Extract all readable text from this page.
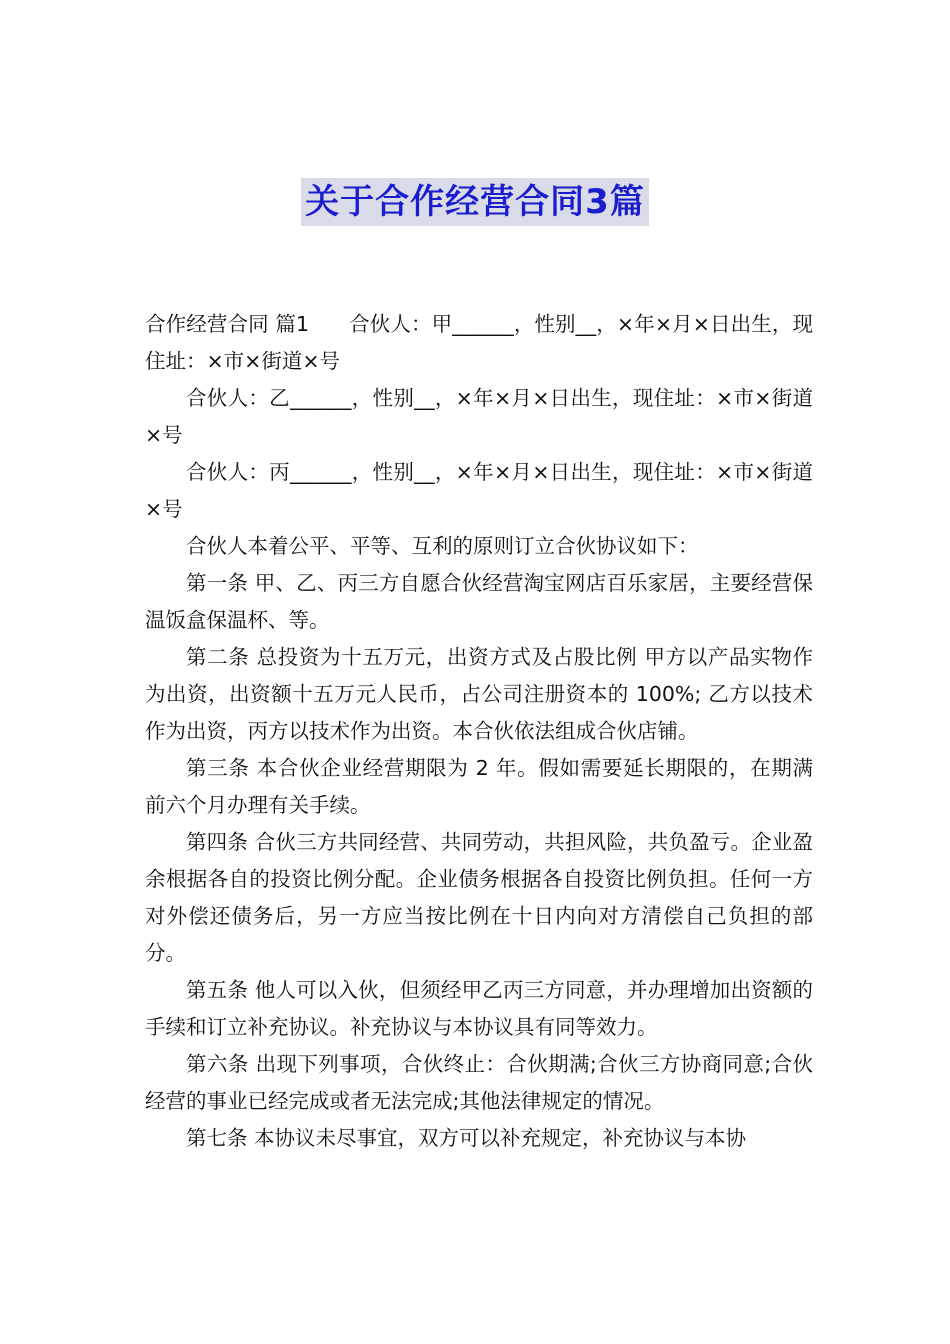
关于合作经营合同3篇

合作经营合同 篇1 合伙人：甲______，性别__，×年×月×日出生，现住址：×市×街道×号

合伙人：乙______，性别__，×年×月×日出生，现住址：×市×街道×号

合伙人：丙______，性别__，×年×月×日出生，现住址：×市×街道×号

合伙人本着公平、平等、互利的原则订立合伙协议如下：

第一条 甲、乙、丙三方自愿合伙经营淘宝网店百乐家居，主要经营保温饭盒保温杯、等。

第二条 总投资为十五万元，出资方式及占股比例 甲方以产品实物作为出资，出资额十五万元人民币，占公司注册资本的 100%; 乙方以技术作为出资，丙方以技术作为出资。本合伙依法组成合伙店铺。

第三条 本合伙企业经营期限为 2 年。假如需要延长期限的，在期满前六个月办理有关手续。

第四条 合伙三方共同经营、共同劳动，共担风险，共负盈亏。企业盈余根据各自的投资比例分配。企业债务根据各自投资比例负担。任何一方对外偿还债务后，另一方应当按比例在十日内向对方清偿自己负担的部分。

第五条 他人可以入伙，但须经甲乙丙三方同意，并办理增加出资额的手续和订立补充协议。补充协议与本协议具有同等效力。

第六条 出现下列事项，合伙终止：合伙期满;合伙三方协商同意;合伙经营的事业已经完成或者无法完成;其他法律规定的情况。

第七条 本协议未尽事宜，双方可以补充规定，补充协议与本协
